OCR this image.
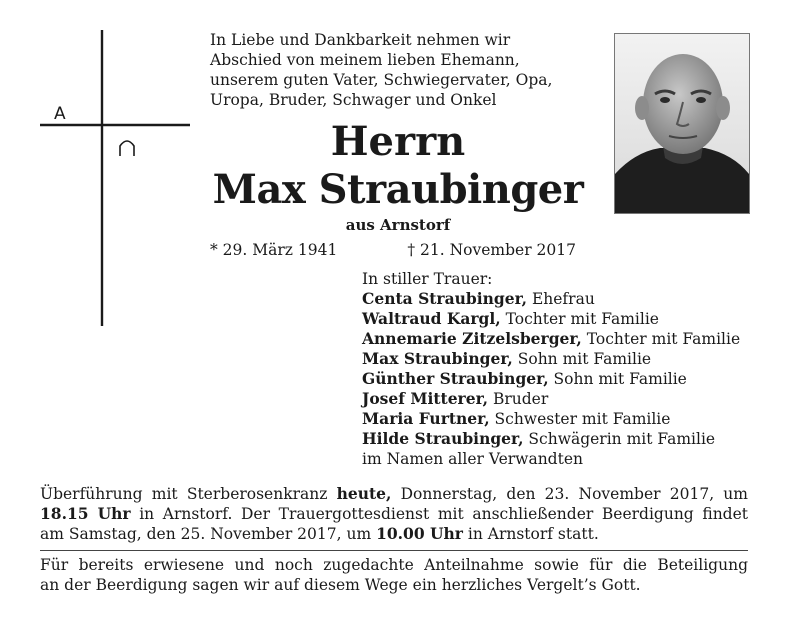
A
In Liebe und Dankbarkeit nehmen wir
Abschied von meinem lieben Ehemann,
unserem guten Vater, Schwiegervater, Opa,
Uropa, Bruder, Schwager und Onkel
Herrn
Max Straubinger
aus Arnstorf
* 29. März 1941	† 21. November 2017
In stiller Trauer:
Centa Straubinger, Ehefrau
Waltraud Kargl, Tochter mit Familie
Annemarie Zitzelsberger, Tochter mit Familie
Max Straubinger, Sohn mit Familie
Günther Straubinger, Sohn mit Familie
Josef Mitterer, Bruder
Maria Furtner, Schwester mit Familie
Hilde Straubinger, Schwägerin mit Familie
im Namen aller Verwandten
Überführung mit Sterberosenkranz heute, Donnerstag, den 23. November 2017, um
18.15 Uhr in Arnstorf. Der Trauergottesdienst mit anschließender Beerdigung findet
am Samstag, den 25. November 2017, um 10.00 Uhr in Arnstorf statt.
Für bereits erwiesene und noch zugedachte Anteilnahme sowie für die Beteiligung
an der Beerdigung sagen wir auf diesem Wege ein herzliches Vergelt’s Gott.
